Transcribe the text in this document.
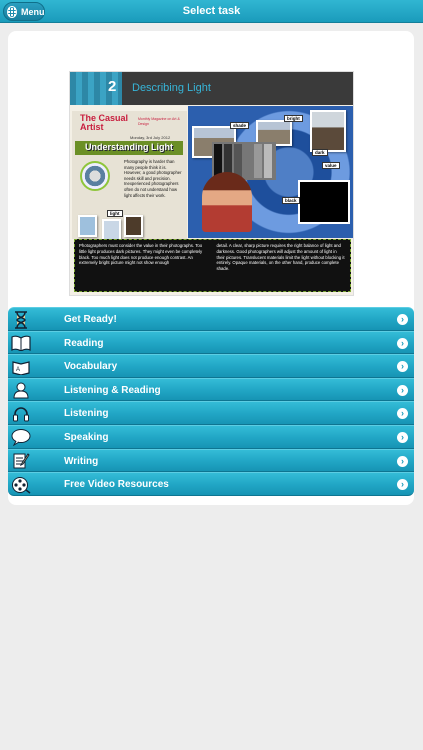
Menu	Select task
2 Describing Light
The Casual
Artist
Monthly Magazine on Art & Design
Monday, 3rd July 2012
Understanding Light
Photography is harder than many people think it is. However, a good photographer needs skill and precision. Inexperienced photographers often do not understand how light affects their work.
shade
bright
dark
value
black
light
Photographers must consider the value in their photographs. Too little light produces dark pictures. They might even be completely black. Too much light does not produce enough contrast. An extremely bright picture might not show enough
detail. A clear, sharp picture requires the right balance of light and darkness. Good photographers will adjust the amount of light in their pictures. Translucent materials limit the light without blocking it entirely. Opaque materials, on the other hand, produce complete shade.
Get Ready!	›
Reading	›
A	Vocabulary	›
Listening & Reading	›
Listening	›
Speaking	›
Writing	›
Free Video Resources	›
